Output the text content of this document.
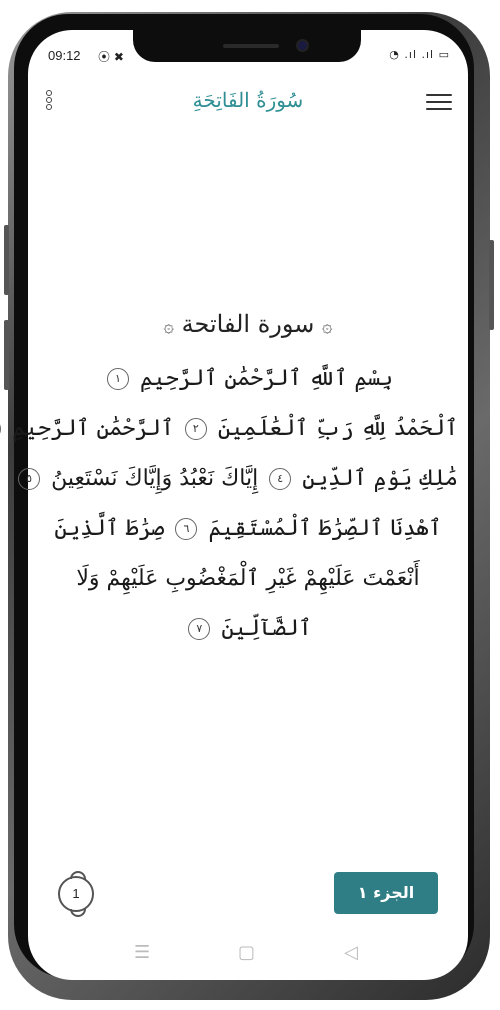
09:12 ⦿ ✖	◔ .ıl .ıl ▭
سُورَةُ الفَاتِحَةِ
۞ سورة الفاتحة ۞
بِسْمِ ٱللَّهِ ٱلرَّحْمَٰنِ ٱلرَّحِيمِ ١
ٱلْحَمْدُ لِلَّهِ رَبِّ ٱلْعَٰلَمِينَ ٢ ٱلرَّحْمَٰنِ ٱلرَّحِيمِ
مَٰلِكِ يَوْمِ ٱلدِّينِ ٤ إِيَّاكَ نَعْبُدُ وَإِيَّاكَ نَسْتَعِينُ ٥
ٱهْدِنَا ٱلصِّرَٰطَ ٱلْمُسْتَقِيمَ ٦ صِرَٰطَ ٱلَّذِينَ
أَنْعَمْتَ عَلَيْهِمْ غَيْرِ ٱلْمَغْضُوبِ عَلَيْهِمْ وَلَا
ٱلضَّآلِّينَ ٧
1	الجزء ١
☰	▢	◁
